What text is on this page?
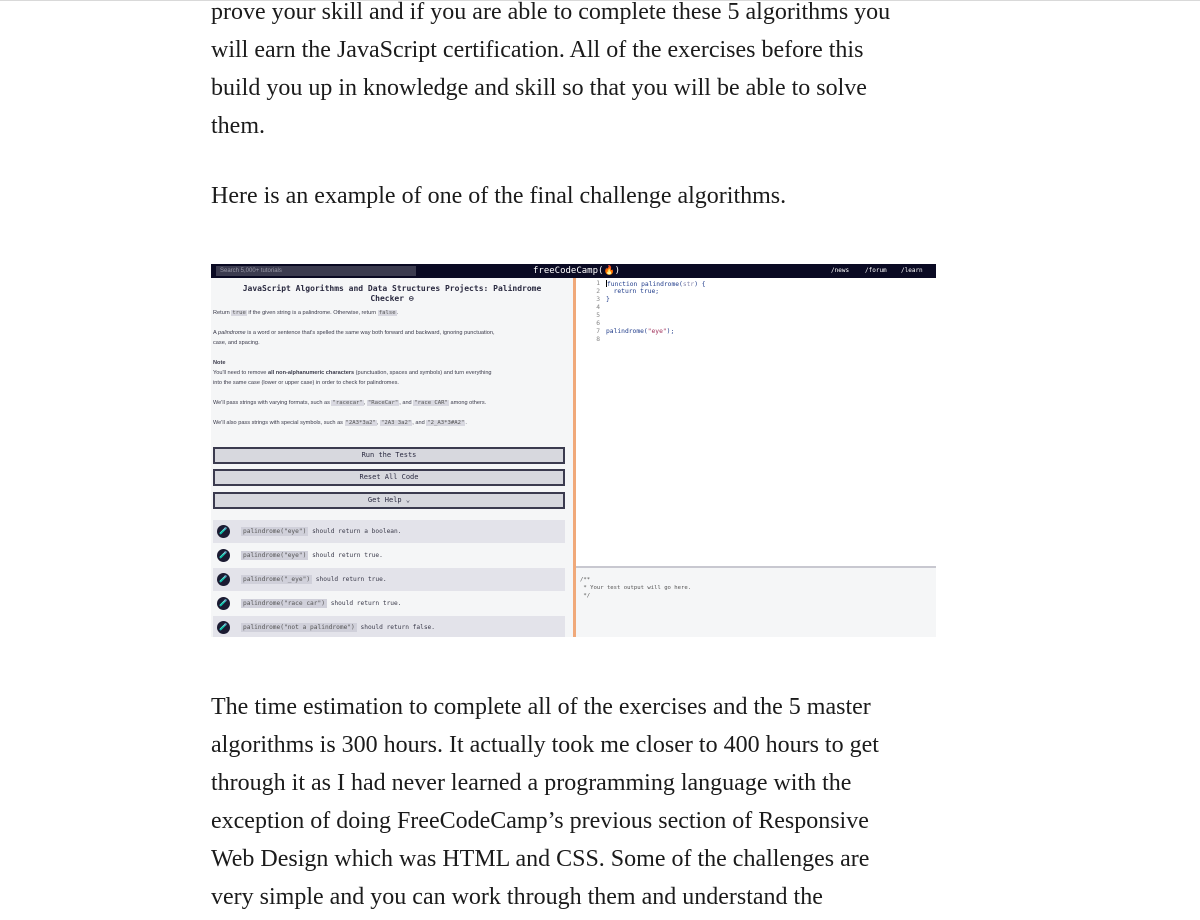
prove your skill and if you are able to complete these 5 algorithms you
will earn the JavaScript certification. All of the exercises before this
build you up in knowledge and skill so that you will be able to solve
them.
Here is an example of one of the final challenge algorithms.
Search 5,000+ tutorials	freeCodeCamp(🔥)	/news	/forum /learn
JavaScript Algorithms and Data Structures Projects: Palindrome
Checker ⊖
Return true if the given string is a palindrome. Otherwise, return false.
A palindrome is a word or sentence that's spelled the same way both forward and backward, ignoring punctuation,
case, and spacing.
Note
You'll need to remove all non-alphanumeric characters (punctuation, spaces and symbols) and turn everything
into the same case (lower or upper case) in order to check for palindromes.
We'll pass strings with varying formats, such as "racecar", "RaceCar", and "race CAR" among others.
We'll also pass strings with special symbols, such as "2A3*3a2", "2A3 3a2", and "2_A3*3#A2".
Run the Tests
Reset All Code
Get Help ⌄
🧪	palindrome("eye") should return a boolean.
🧪	palindrome("eye") should return true.
🧪	palindrome("_eye") should return true.
🧪	palindrome("race car") should return true.
🧪	palindrome("not a palindrome") should return false.
1
2
3
4
5
6
7
8
function palindrome(str) {
return true;
}
palindrome("eye");
/**
* Your test output will go here.
*/
The time estimation to complete all of the exercises and the 5 master
algorithms is 300 hours. It actually took me closer to 400 hours to get
through it as I had never learned a programming language with the
exception of doing FreeCodeCamp’s previous section of Responsive
Web Design which was HTML and CSS. Some of the challenges are
very simple and you can work through them and understand the
